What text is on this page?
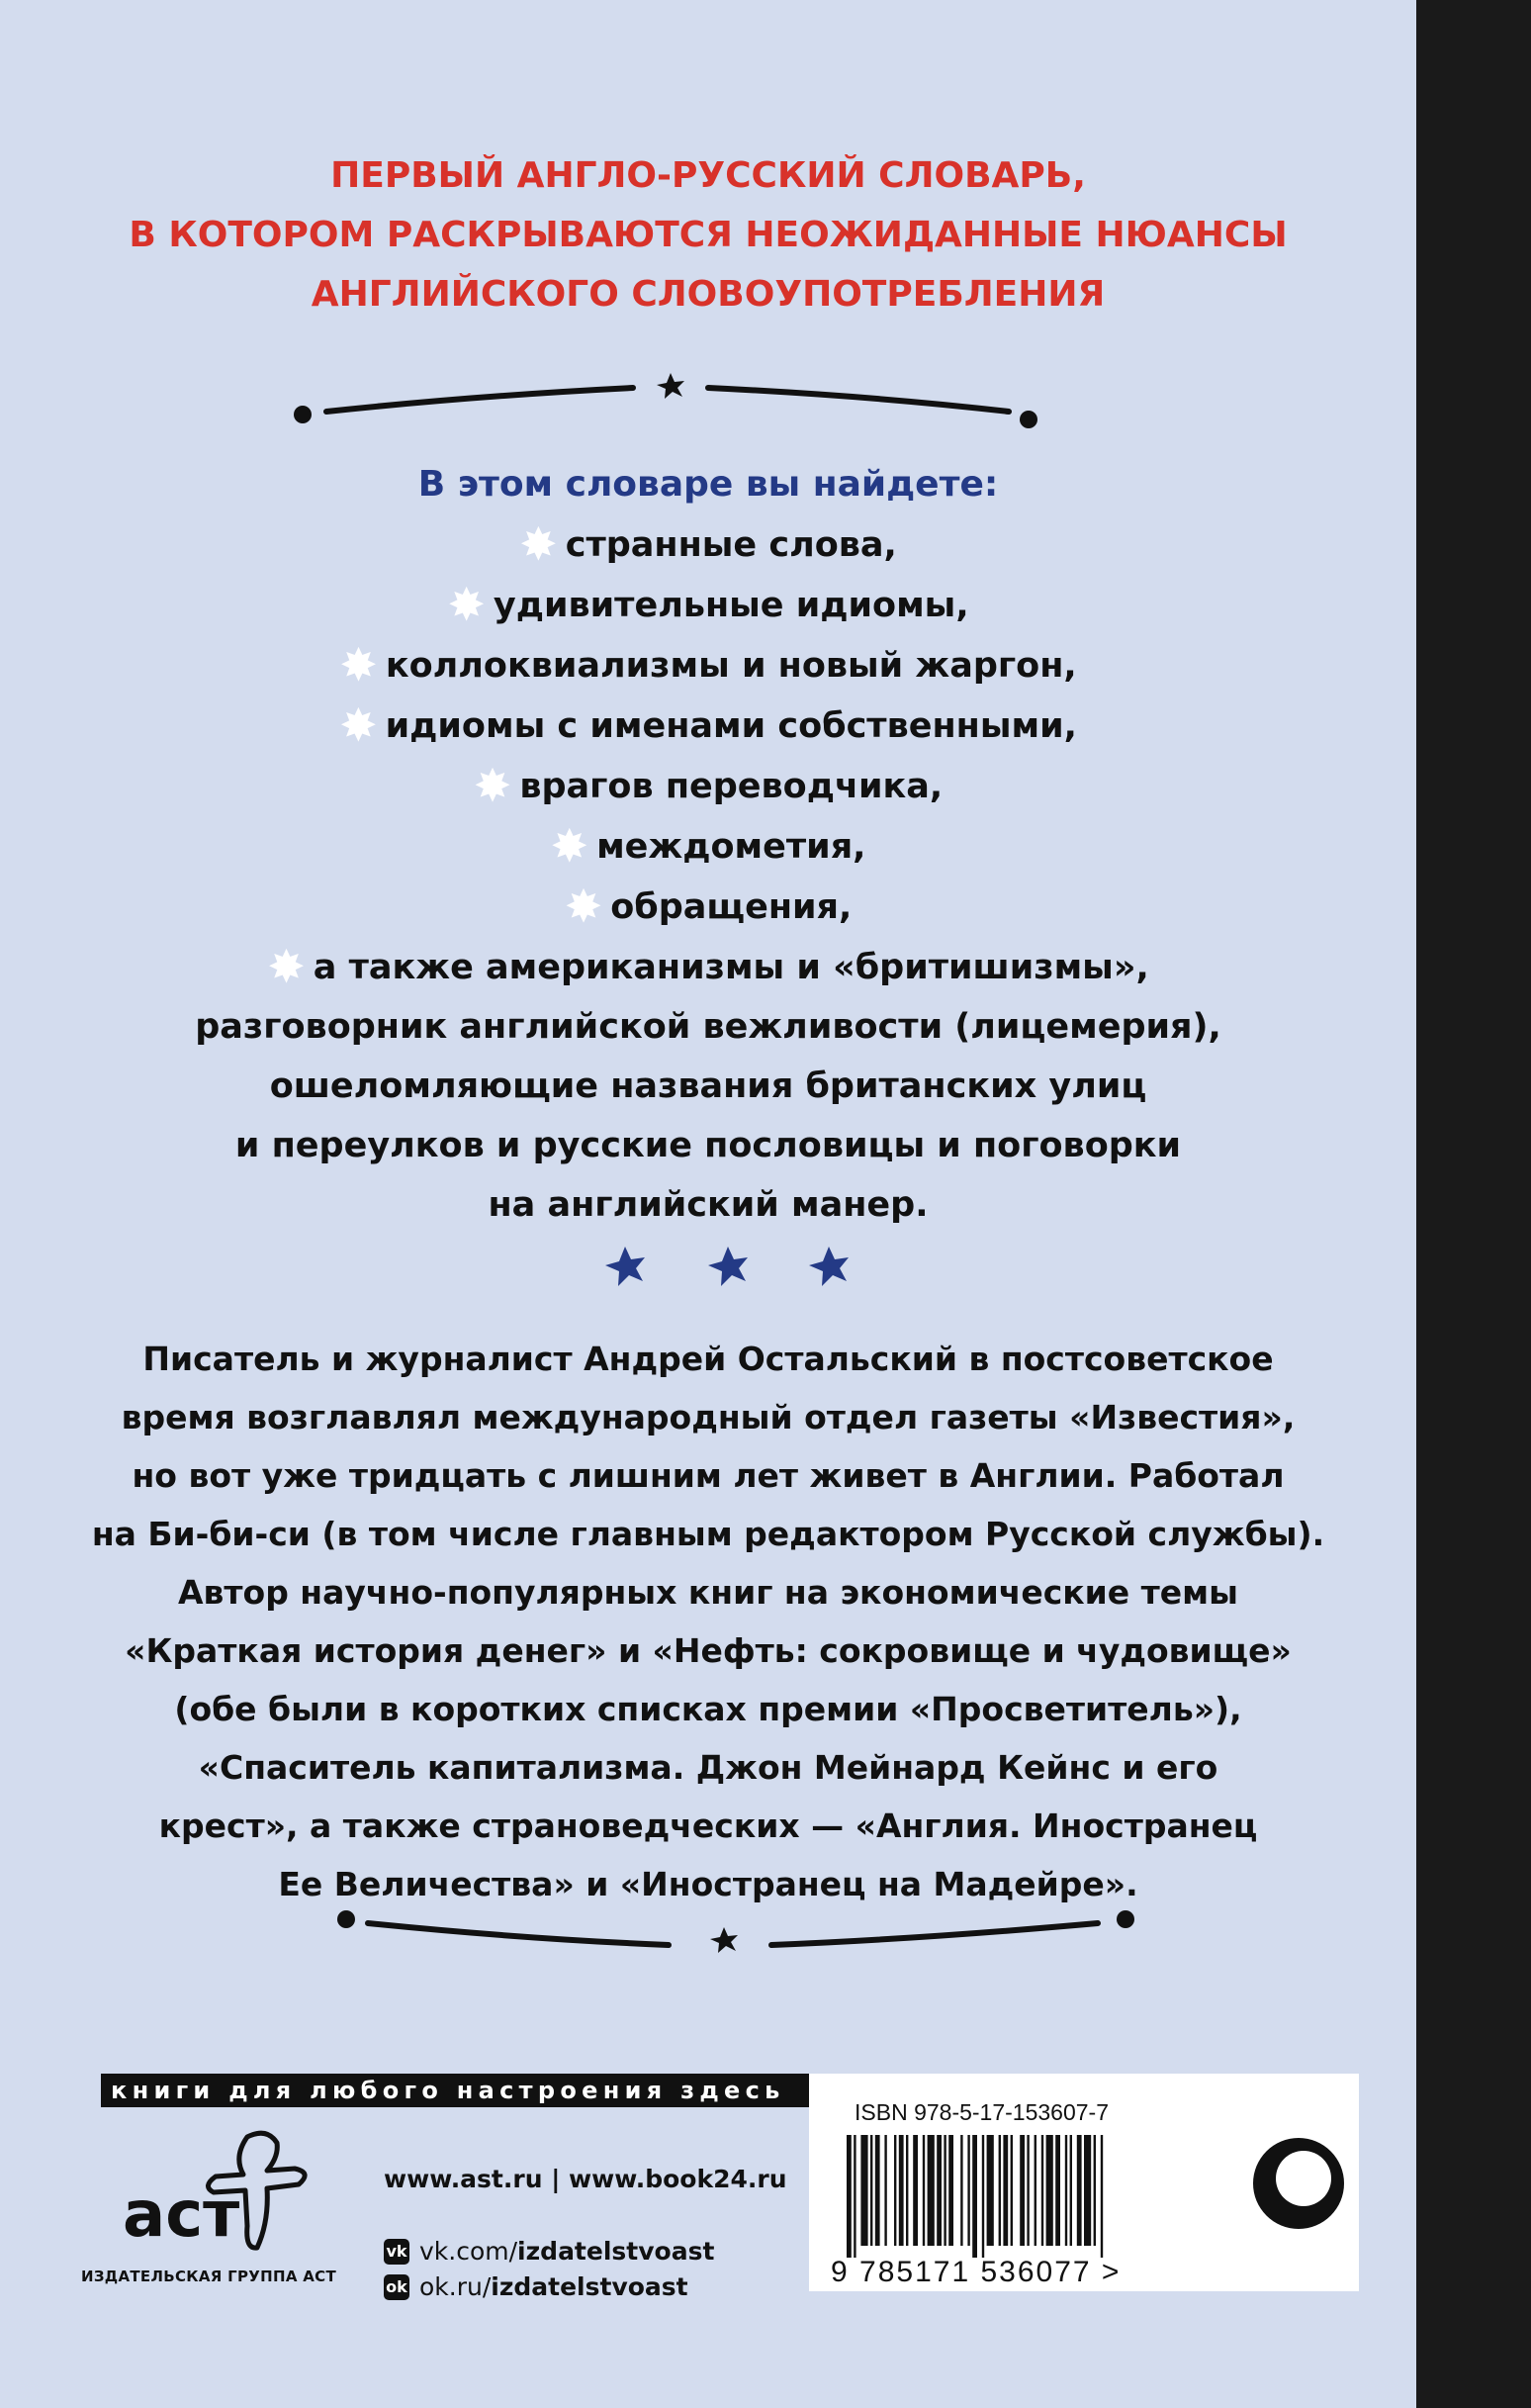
ПЕРВЫЙ АНГЛО-РУССКИЙ СЛОВАРЬ,
В КОТОРОМ РАСКРЫВАЮТСЯ НЕОЖИДАННЫЕ НЮАНСЫ
АНГЛИЙСКОГО СЛОВОУПОТРЕБЛЕНИЯ
В этом словаре вы найдете:
✸ странные слова,
✸ удивительные идиомы,
✸ коллоквиализмы и новый жаргон,
✸ идиомы с именами собственными,
✸ врагов переводчика,
✸ междометия,
✸ обращения,
✸ а также американизмы и «бритишизмы»,
разговорник английской вежливости (лицемерия),
ошеломляющие названия британских улиц
и переулков и русские пословицы и поговорки
на английский манер.
Писатель и журналист Андрей Остальский в постсоветское
время возглавлял международный отдел газеты «Известия»,
но вот уже тридцать с лишним лет живет в Англии. Работал
на Би-би-си (в том числе главным редактором Русской службы).
Автор научно-популярных книг на экономические темы
«Краткая история денег» и «Нефть: сокровище и чудовище»
(обе были в коротких списках премии «Просветитель»),
«Спаситель капитализма. Джон Мейнард Кейнс и его
крест», а также страноведческих — «Англия. Иностранец
Ее Величества» и «Иностранец на Мадейре».
книги для любого настроения здесь
аст
ИЗДАТЕЛЬСКАЯ ГРУППА АСТ
www.ast.ru | www.book24.ru
vk vk.com/izdatelstvoast
ok ok.ru/izdatelstvoast
ISBN 978-5-17-153607-7
9 785171 536077 >
